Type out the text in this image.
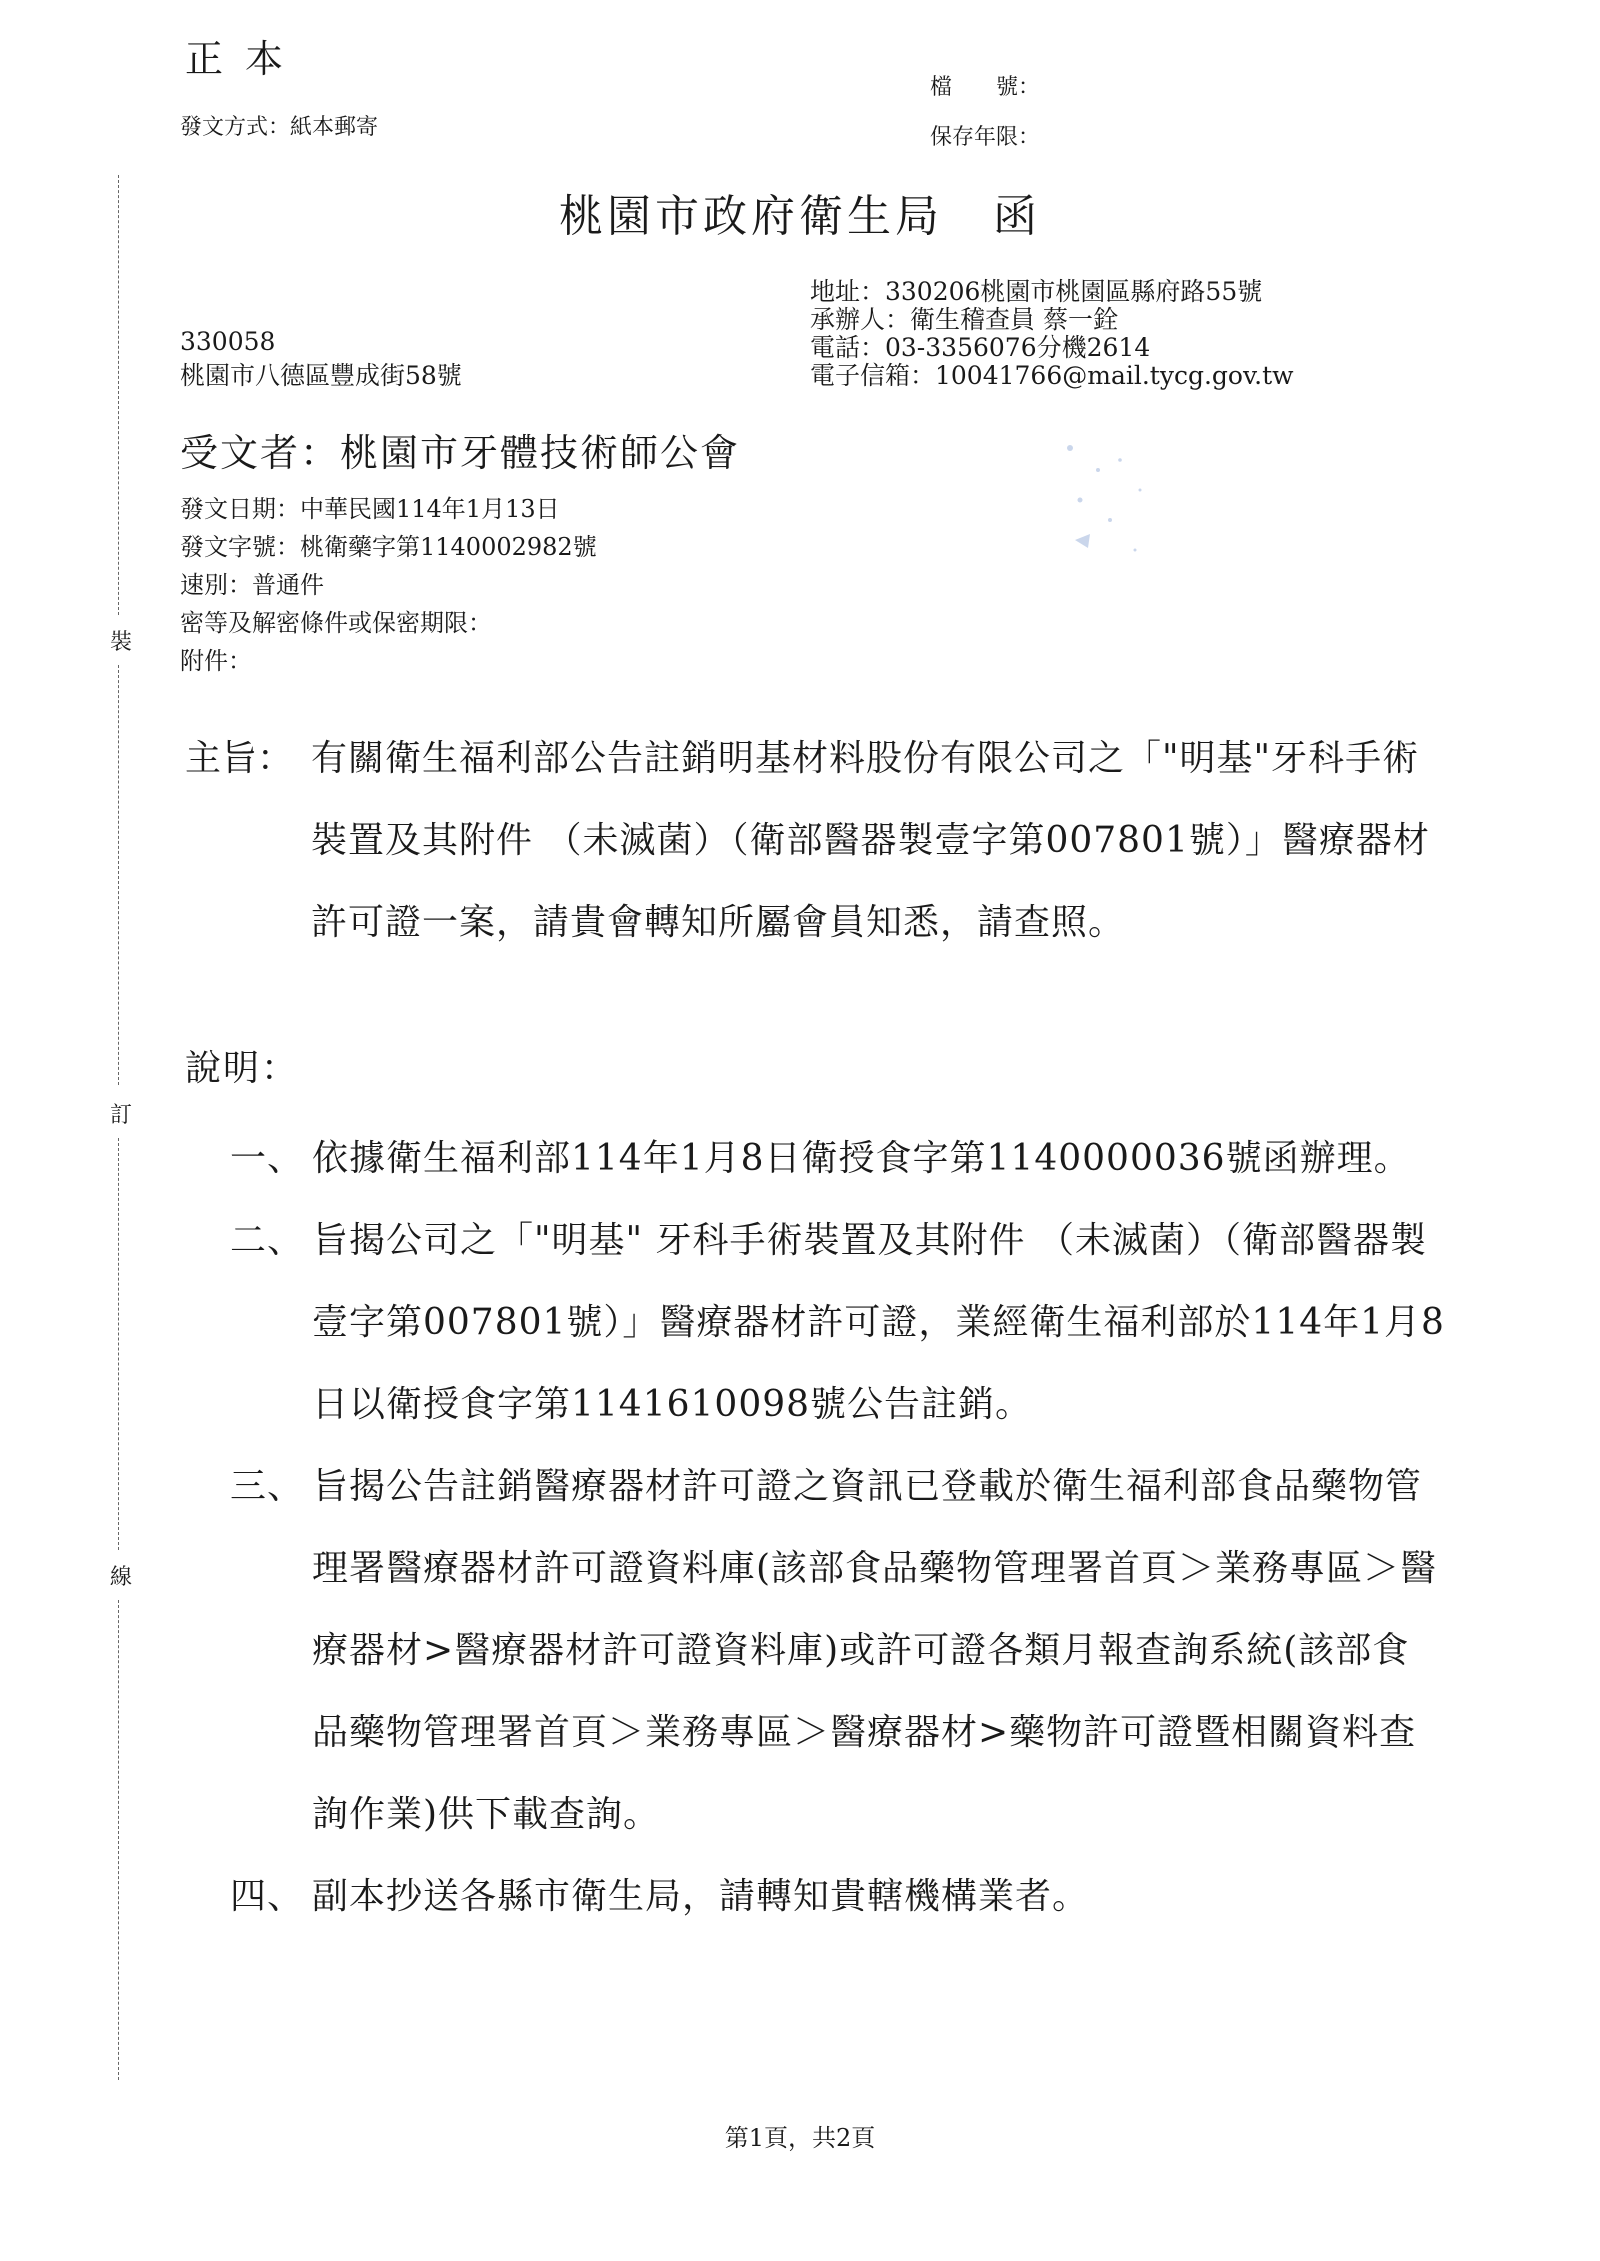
正本
發文方式：紙本郵寄
檔　　號：
保存年限：
桃園市政府衛生局 函
地址：330206桃園市桃園區縣府路55號
承辦人：衛生稽查員 蔡一銓
電話：03-3356076分機2614
電子信箱：10041766@mail.tycg.gov.tw
330058
桃園市八德區豐成街58號
受文者：桃園市牙體技術師公會
發文日期：中華民國114年1月13日
發文字號：桃衛藥字第1140002982號
速別：普通件
密等及解密條件或保密期限：
附件：
裝
訂
線
主旨： 有關衛生福利部公告註銷明基材料股份有限公司之「"明基"牙科手術裝置及其附件 （未滅菌）（衛部醫器製壹字第007801號）」醫療器材許可證一案，請貴會轉知所屬會員知悉，請查照。
說明：
一、 依據衛生福利部114年1月8日衛授食字第1140000036號函辦理。
二、 旨揭公司之「"明基" 牙科手術裝置及其附件 （未滅菌）（衛部醫器製壹字第007801號）」醫療器材許可證，業經衛生福利部於114年1月8日以衛授食字第1141610098號公告註銷。
三、 旨揭公告註銷醫療器材許可證之資訊已登載於衛生福利部食品藥物管理署醫療器材許可證資料庫(該部食品藥物管理署首頁＞業務專區＞醫療器材>醫療器材許可證資料庫)或許可證各類月報查詢系統(該部食品藥物管理署首頁＞業務專區＞醫療器材>藥物許可證暨相關資料查詢作業)供下載查詢。
四、 副本抄送各縣市衛生局，請轉知貴轄機構業者。
第1頁，共2頁
